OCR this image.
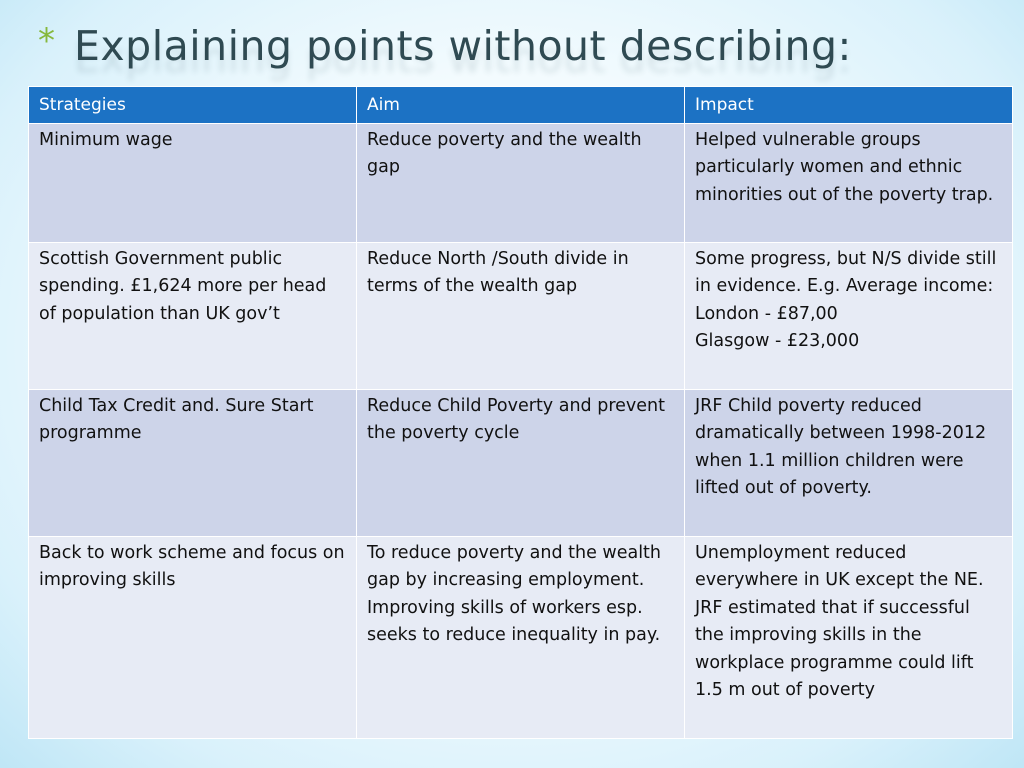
* Explaining points without describing:
Strategies	Aim	Impact
Minimum wage	Reduce poverty and the wealth gap	Helped vulnerable groups particularly women and ethnic minorities out of the poverty trap.
Scottish Government public spending. £1,624 more per head of population than UK gov’t	Reduce North /South divide in terms of the wealth gap	Some progress, but N/S divide still in evidence. E.g. Average income:
London - £87,00
Glasgow - £23,000
Child Tax Credit and. Sure Start programme	Reduce Child Poverty and prevent the poverty cycle	JRF Child poverty reduced dramatically between 1998-2012 when 1.1 million children were lifted out of poverty.
Back to work scheme and focus on improving skills	To reduce poverty and the wealth gap by increasing employment. Improving skills of workers esp. seeks to reduce inequality in pay.	Unemployment reduced everywhere in UK except the NE. JRF estimated that if successful the improving skills in the workplace programme could lift 1.5 m out of poverty
